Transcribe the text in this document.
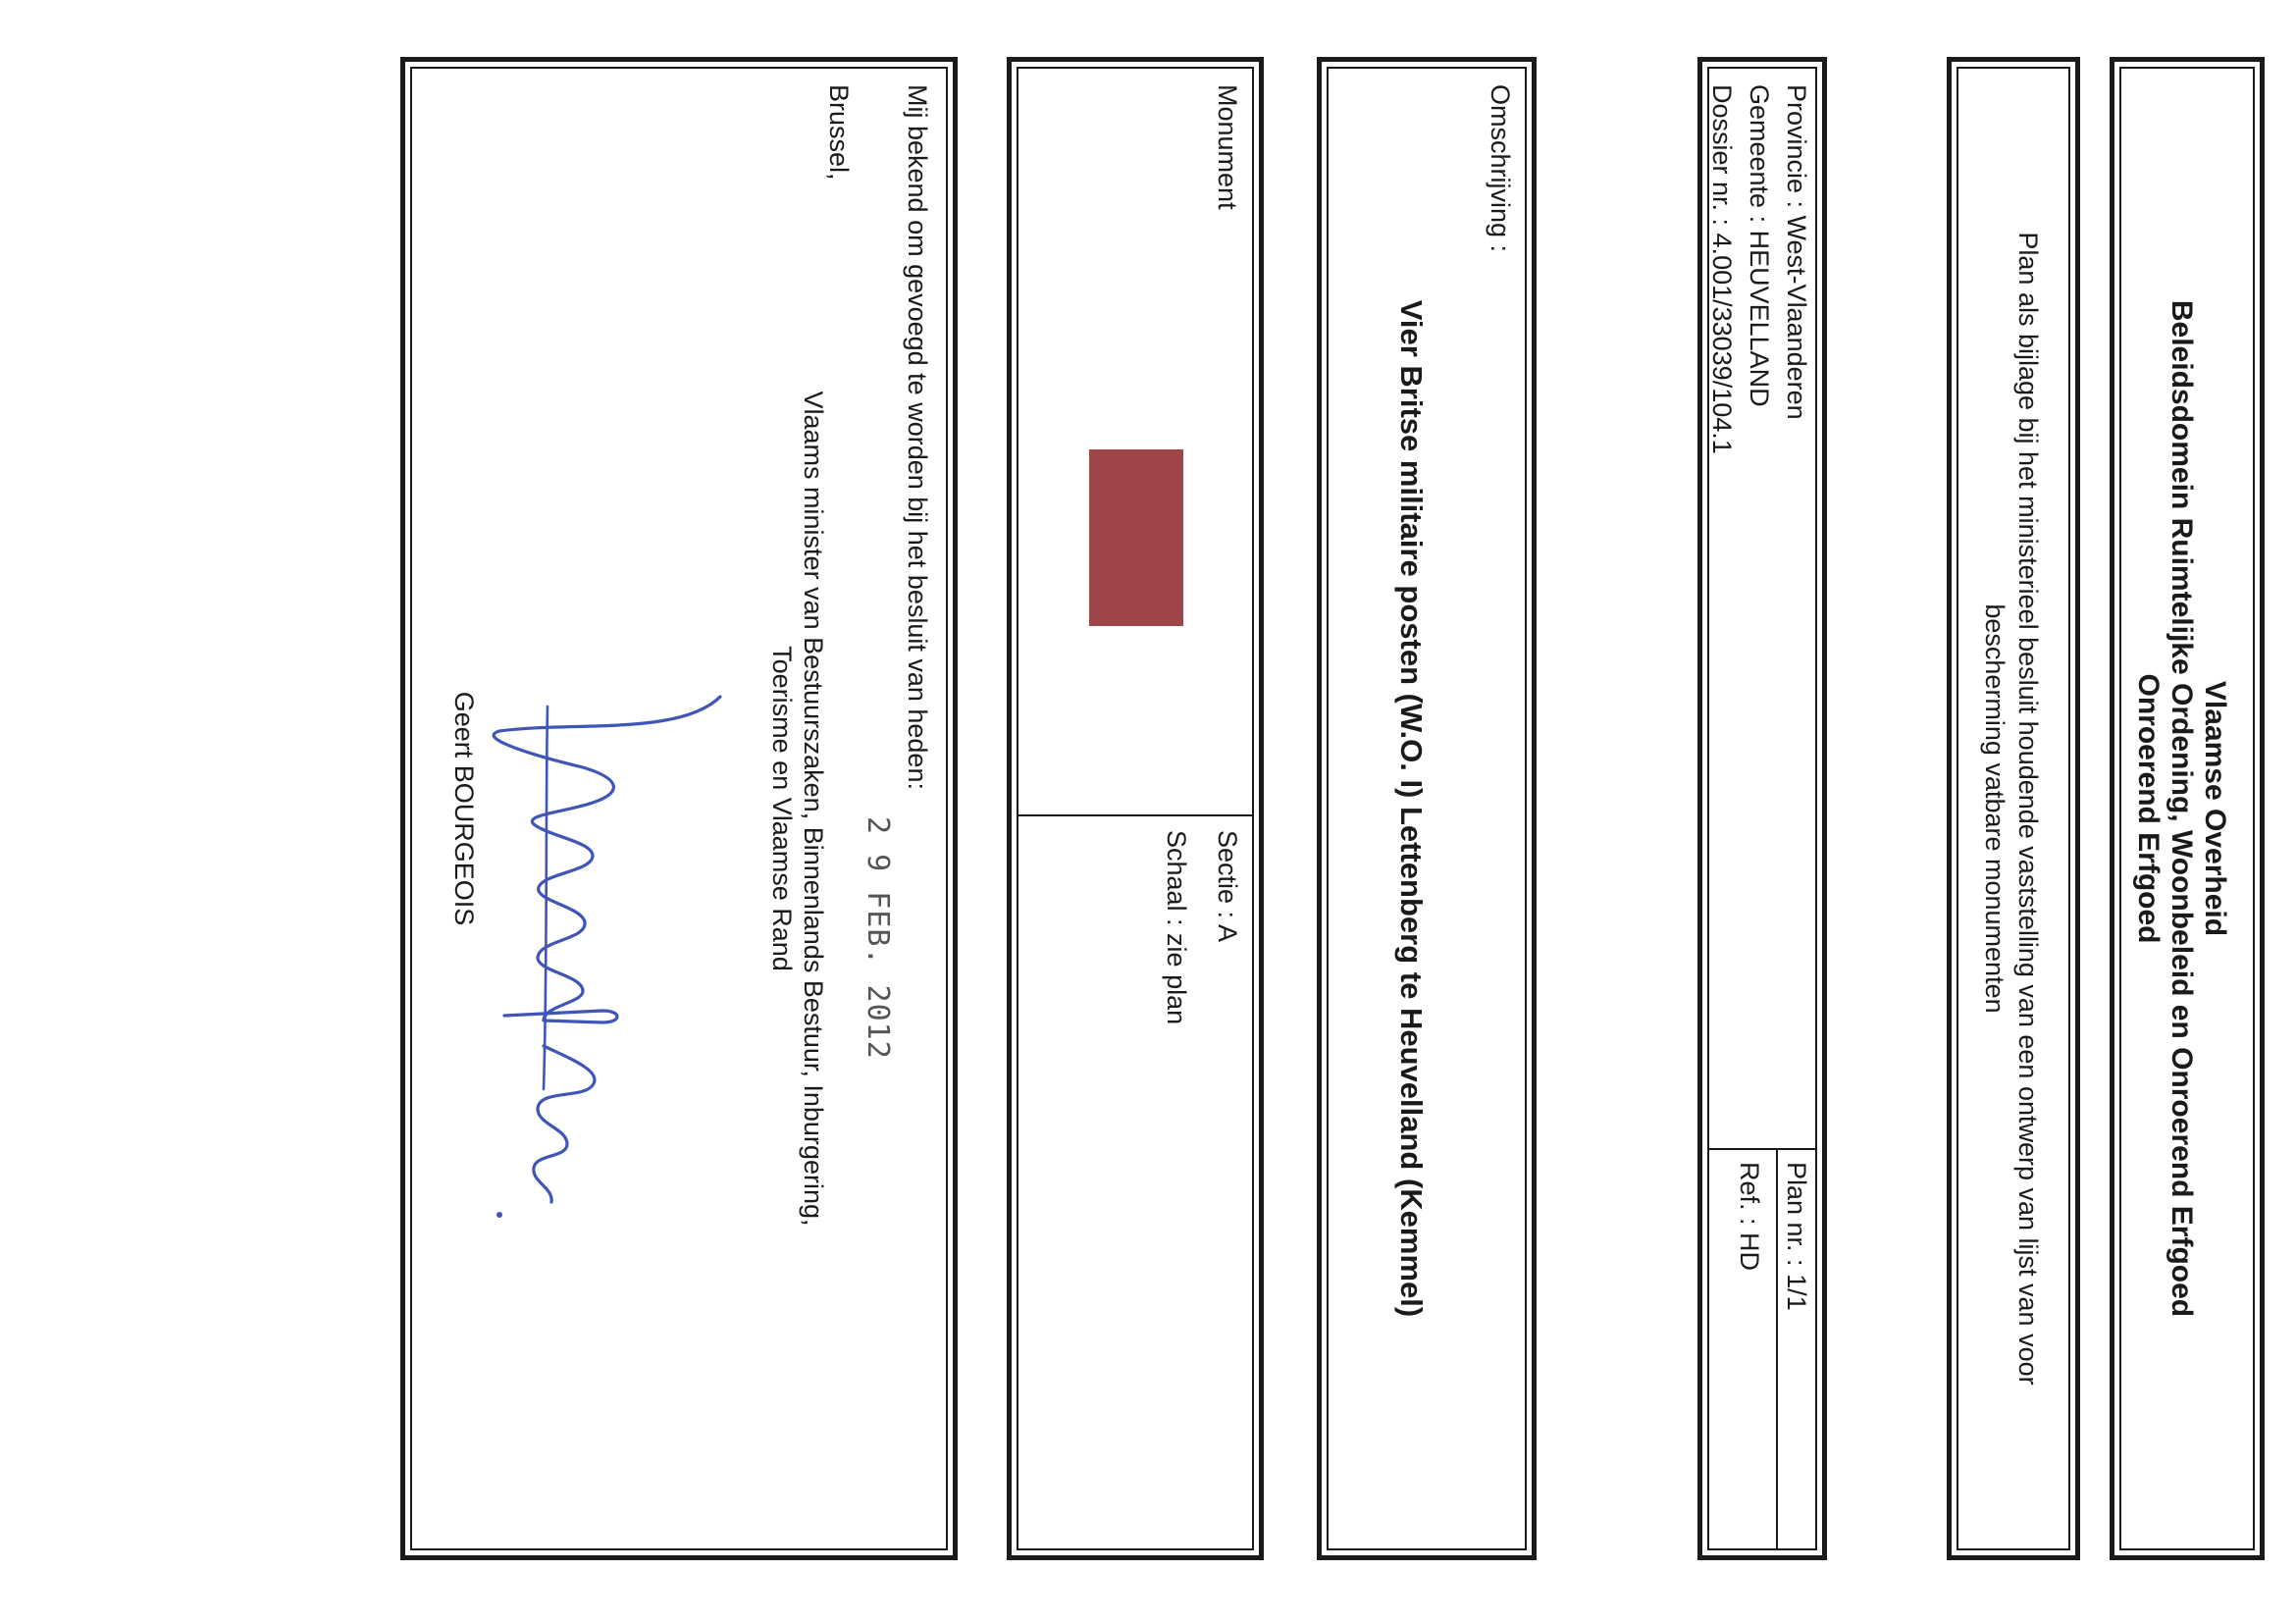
Vlaamse Overheid
Beleidsdomein Ruimtelijke Ordening, Woonbeleid en Onroerend Erfgoed
Onroerend Erfgoed
Plan als bijlage bij het ministerieel besluit houdende vaststelling van een ontwerp van lijst van voor
bescherming vatbare monumenten
Provincie : West-Vlaanderen
Gemeente : HEUVELLAND
Dossier nr. : 4.001/33039/104.1
Plan nr. : 1/1
Ref. : HD
Omschrijving :
Vier Britse militaire posten (W.O. I) Lettenberg te Heuvelland (Kemmel)
Monument
Sectie : A
Schaal : zie plan
Mij bekend om gevoegd te worden bij het besluit van heden:
Brussel,
2 9 FEB. 2012
Vlaams minister van Bestuurszaken, Binnenlands Bestuur, Inburgering,
Toerisme en Vlaamse Rand
Geert BOURGEOIS
